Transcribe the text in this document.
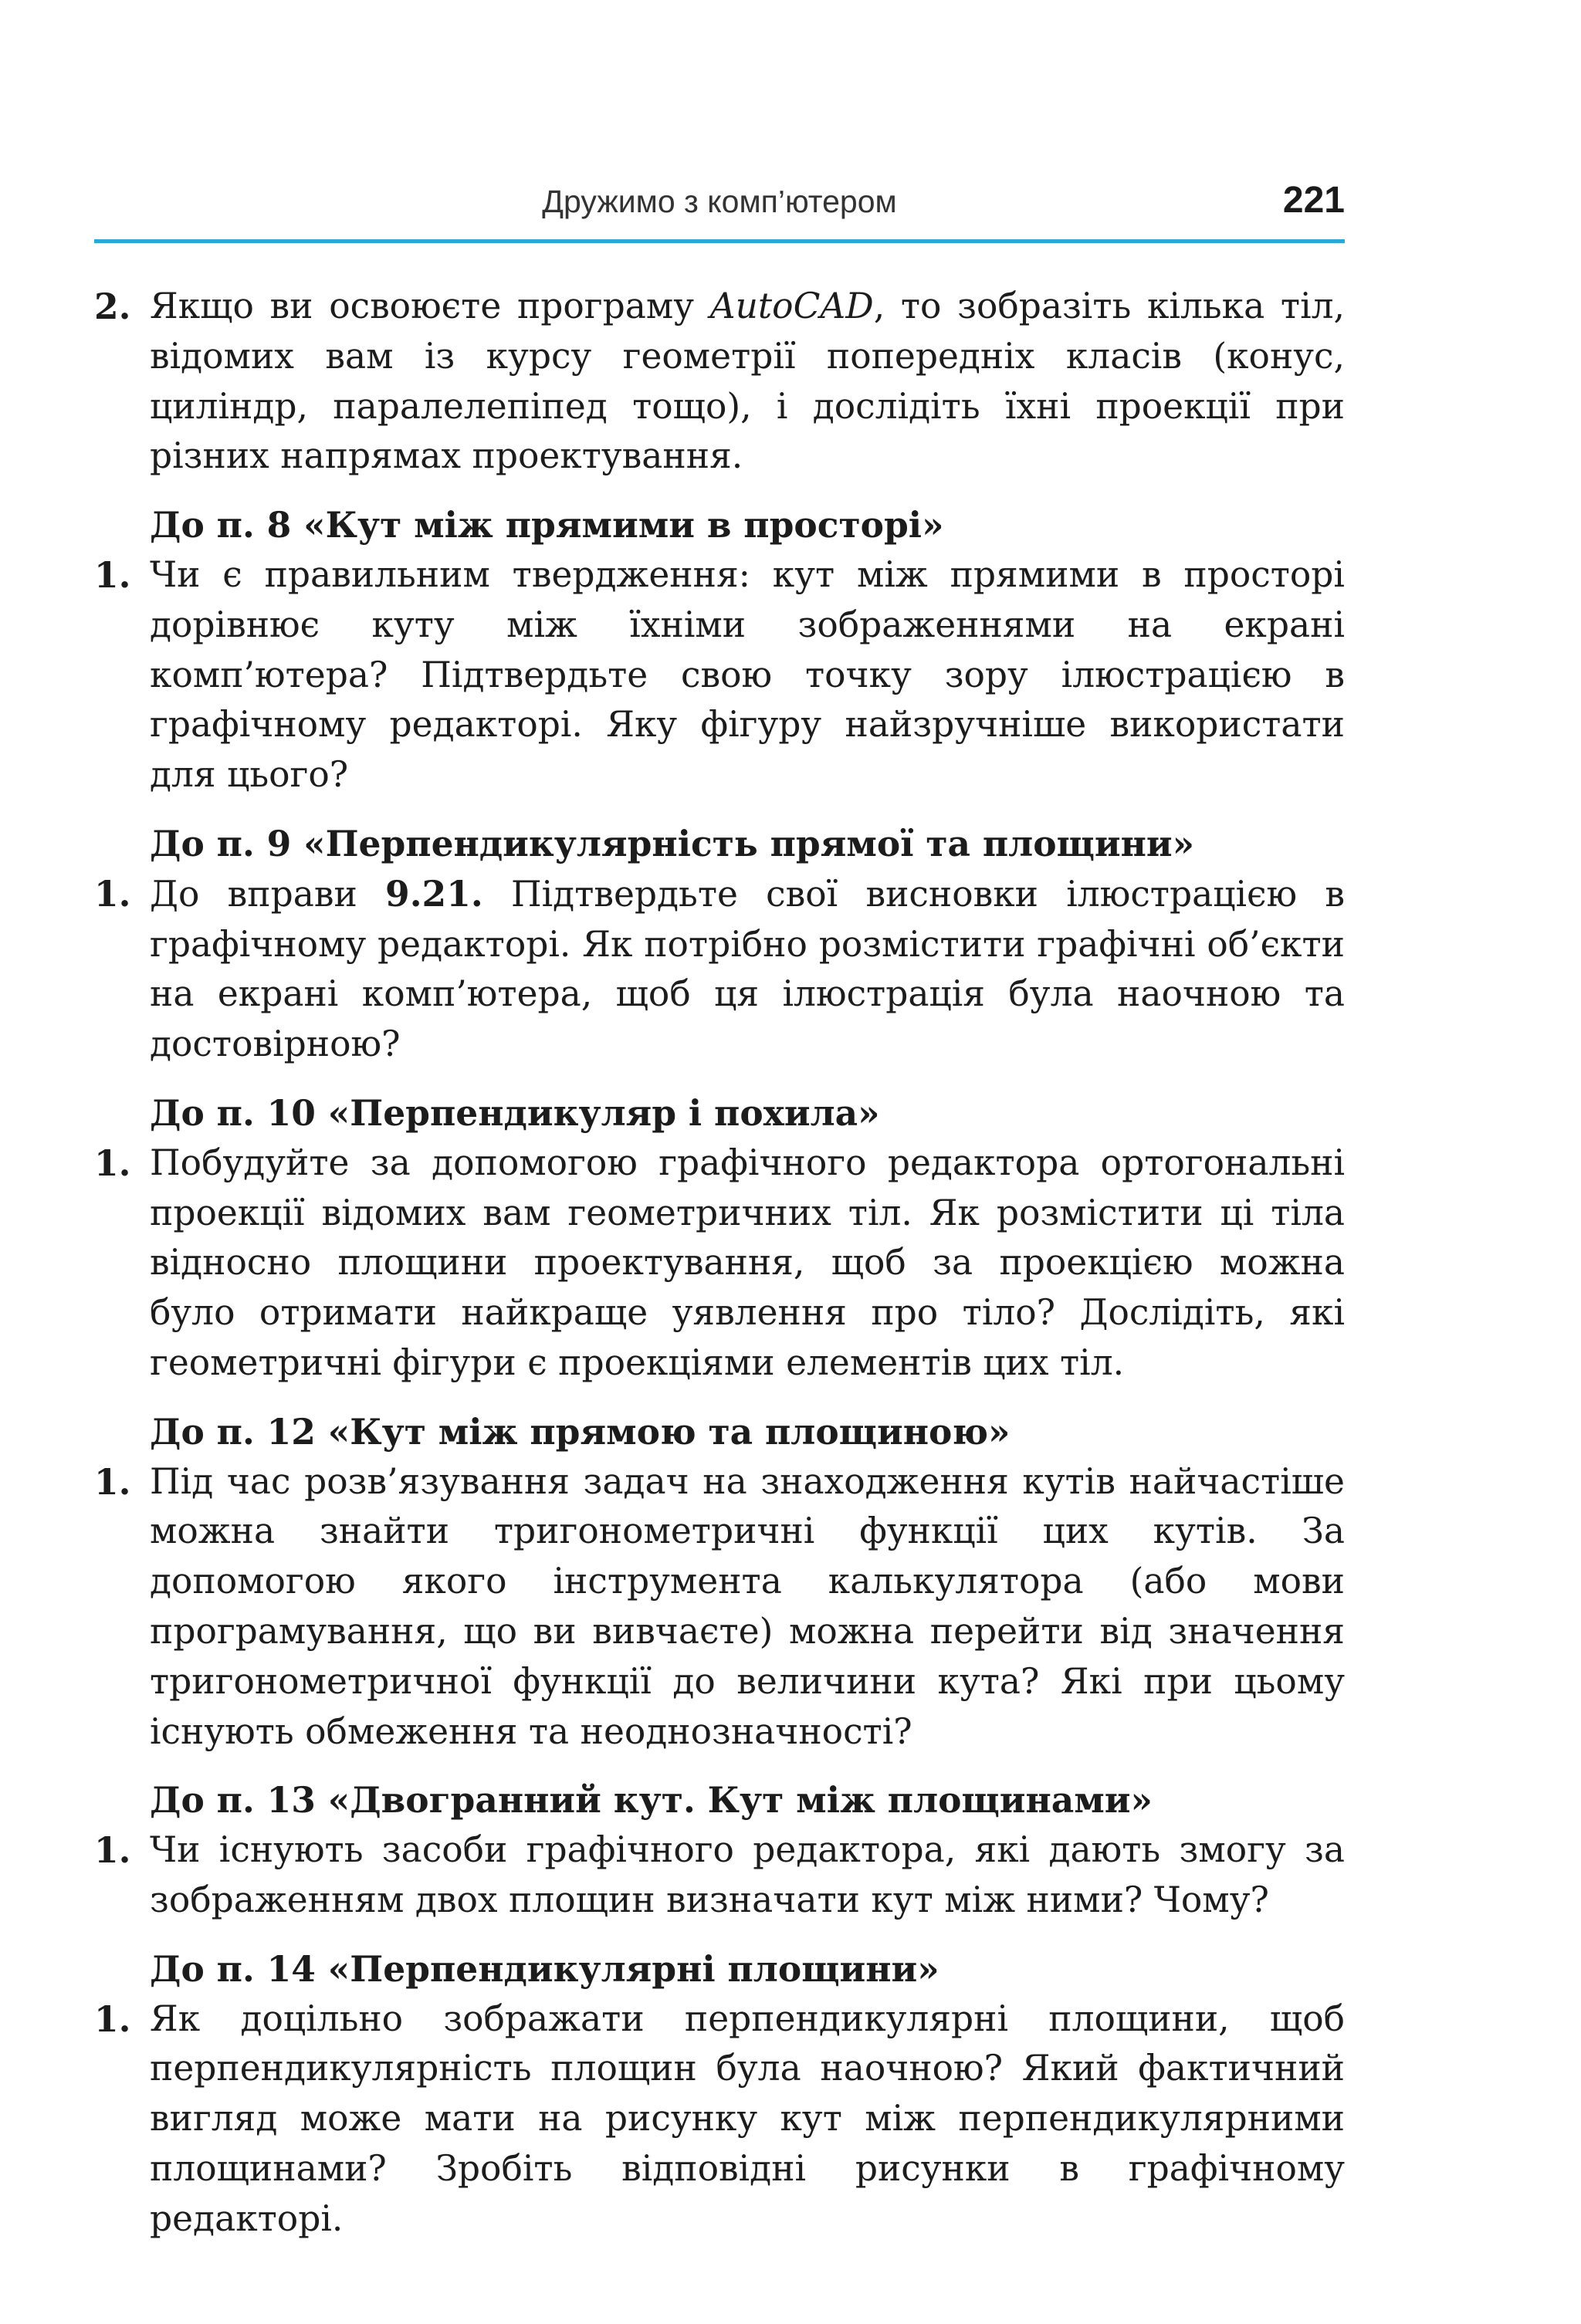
Дружимо з комп’ютером	221
2. Якщо ви освоюєте програму AutoCAD, то зобразіть кілька тіл, відомих вам із курсу геометрії попередніх класів (конус, циліндр, паралелепіпед тощо), і дослідіть їхні проекції при різних напрямах проектування.
До п. 8 «Кут між прямими в просторі»
1. Чи є правильним твердження: кут між прямими в просторі дорівнює куту між їхніми зображеннями на екрані комп’ютера? Підтвердьте свою точку зору ілюстрацією в графічному редакторі. Яку фігуру найзручніше використати для цього?
До п. 9 «Перпендикулярність прямої та площини»
1. До вправи 9.21. Підтвердьте свої висновки ілюстрацією в графічному редакторі. Як потрібно розмістити графічні об’єкти на екрані комп’ютера, щоб ця ілюстрація була наочною та достовірною?
До п. 10 «Перпендикуляр і похила»
1. Побудуйте за допомогою графічного редактора ортогональні проекції відомих вам геометричних тіл. Як розмістити ці тіла відносно площини проектування, щоб за проекцією можна було отримати найкраще уявлення про тіло? Дослідіть, які геометричні фігури є проекціями елементів цих тіл.
До п. 12 «Кут між прямою та площиною»
1. Під час розв’язування задач на знаходження кутів найчастіше можна знайти тригонометричні функції цих кутів. За допомогою якого інструмента калькулятора (або мови програмування, що ви вивчаєте) можна перейти від значення тригонометричної функції до величини кута? Які при цьому існують обмеження та неоднозначності?
До п. 13 «Двогранний кут. Кут між площинами»
1. Чи існують засоби графічного редактора, які дають змогу за зображенням двох площин визначати кут між ними? Чому?
До п. 14 «Перпендикулярні площини»
1. Як доцільно зображати перпендикулярні площини, щоб перпендикулярність площин була наочною? Який фактичний вигляд може мати на рисунку кут між перпендикулярними площинами? Зробіть відповідні рисунки в графічному редакторі.
